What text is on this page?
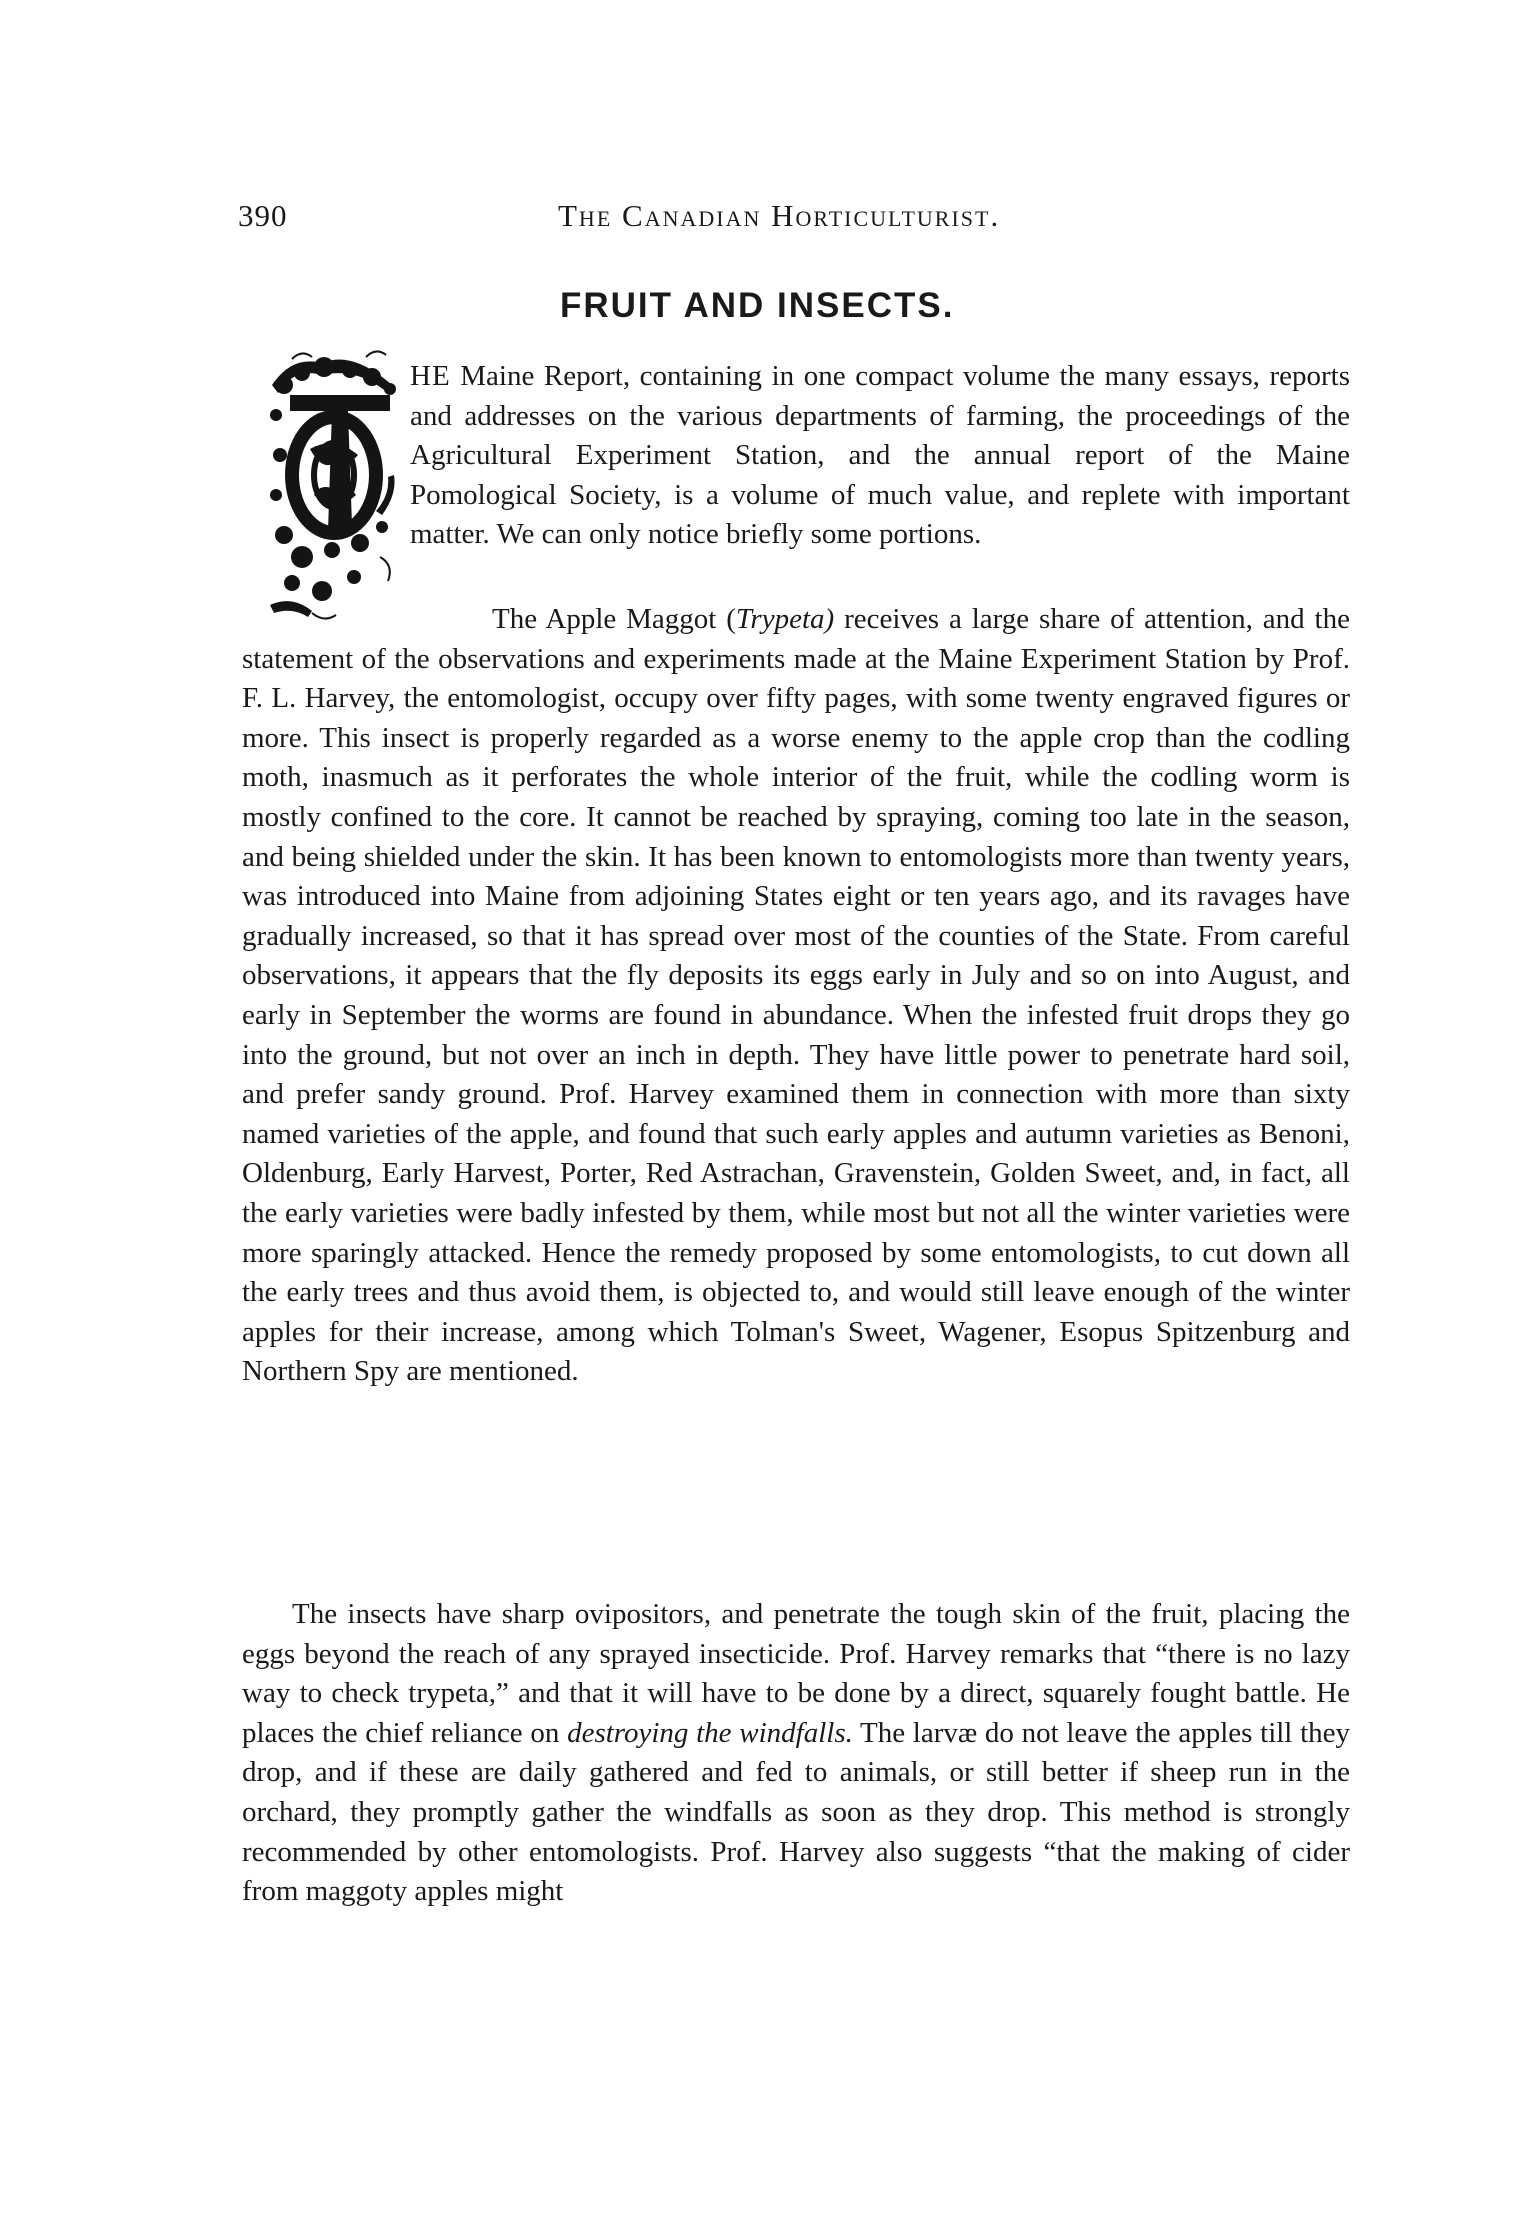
390	The Canadian Horticulturist.
FRUIT AND INSECTS.
HE Maine Report, containing in one compact volume the many essays, reports and addresses on the various departments of farming, the proceedings of the Agricultural Experiment Station, and the annual report of the Maine Pomological Society, is a volume of much value, and replete with important matter. We can only notice briefly some portions.
The Apple Maggot (Trypeta) receives a large share of attention, and the statement of the observations and experiments made at the Maine Experiment Station by Prof. F. L. Harvey, the entomologist, occupy over fifty pages, with some twenty engraved figures or more. This insect is properly regarded as a worse enemy to the apple crop than the codling moth, inasmuch as it perforates the whole interior of the fruit, while the codling worm is mostly confined to the core. It cannot be reached by spraying, coming too late in the season, and being shielded under the skin. It has been known to entomologists more than twenty years, was introduced into Maine from adjoining States eight or ten years ago, and its ravages have gradually increased, so that it has spread over most of the counties of the State. From careful observations, it appears that the fly deposits its eggs early in July and so on into August, and early in September the worms are found in abundance. When the infested fruit drops they go into the ground, but not over an inch in depth. They have little power to penetrate hard soil, and prefer sandy ground. Prof. Harvey examined them in connection with more than sixty named varieties of the apple, and found that such early apples and autumn varieties as Benoni, Oldenburg, Early Harvest, Porter, Red Astrachan, Gravenstein, Golden Sweet, and, in fact, all the early varieties were badly infested by them, while most but not all the winter varieties were more sparingly attacked. Hence the remedy proposed by some entomologists, to cut down all the early trees and thus avoid them, is objected to, and would still leave enough of the winter apples for their increase, among which Tolman's Sweet, Wagener, Esopus Spitzenburg and Northern Spy are mentioned.
The insects have sharp ovipositors, and penetrate the tough skin of the fruit, placing the eggs beyond the reach of any sprayed insecticide. Prof. Harvey remarks that “there is no lazy way to check trypeta,” and that it will have to be done by a direct, squarely fought battle. He places the chief reliance on destroying the windfalls. The larvæ do not leave the apples till they drop, and if these are daily gathered and fed to animals, or still better if sheep run in the orchard, they promptly gather the windfalls as soon as they drop. This method is strongly recommended by other entomologists. Prof. Harvey also suggests “that the making of cider from maggoty apples might
